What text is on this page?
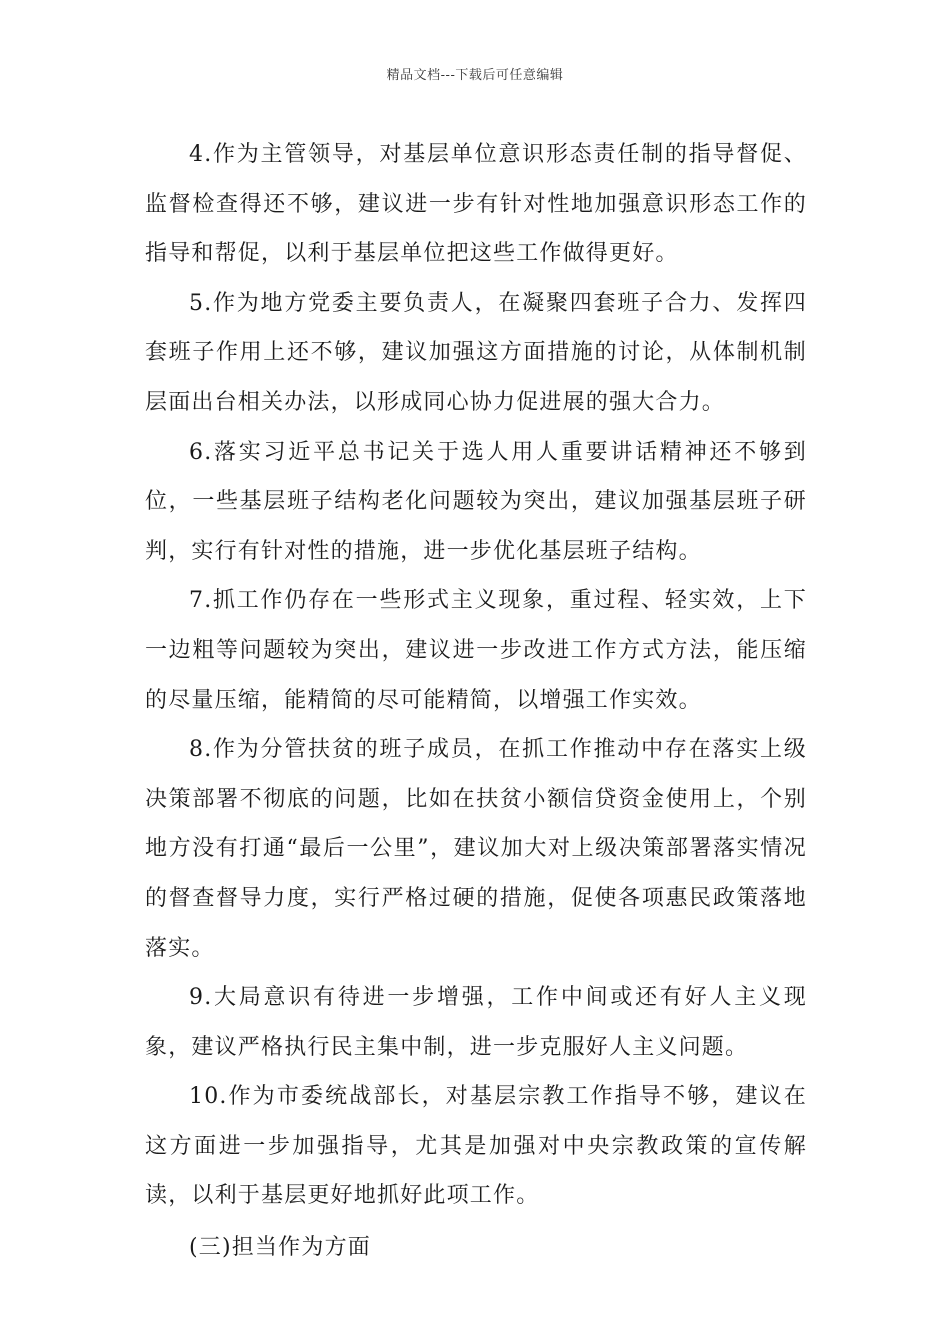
精品文档---下载后可任意编辑

4.作为主管领导，对基层单位意识形态责任制的指导督促、监督检查得还不够，建议进一步有针对性地加强意识形态工作的指导和帮促，以利于基层单位把这些工作做得更好。

5.作为地方党委主要负责人，在凝聚四套班子合力、发挥四套班子作用上还不够，建议加强这方面措施的讨论，从体制机制层面出台相关办法，以形成同心协力促进展的强大合力。

6.落实习近平总书记关于选人用人重要讲话精神还不够到位，一些基层班子结构老化问题较为突出，建议加强基层班子研判，实行有针对性的措施，进一步优化基层班子结构。

7.抓工作仍存在一些形式主义现象，重过程、轻实效，上下一边粗等问题较为突出，建议进一步改进工作方式方法，能压缩的尽量压缩，能精简的尽可能精简，以增强工作实效。

8.作为分管扶贫的班子成员，在抓工作推动中存在落实上级决策部署不彻底的问题，比如在扶贫小额信贷资金使用上，个别地方没有打通“最后一公里”，建议加大对上级决策部署落实情况的督查督导力度，实行严格过硬的措施，促使各项惠民政策落地落实。

9.大局意识有待进一步增强，工作中间或还有好人主义现象，建议严格执行民主集中制，进一步克服好人主义问题。

10.作为市委统战部长，对基层宗教工作指导不够，建议在这方面进一步加强指导，尤其是加强对中央宗教政策的宣传解读，以利于基层更好地抓好此项工作。

(三)担当作为方面
